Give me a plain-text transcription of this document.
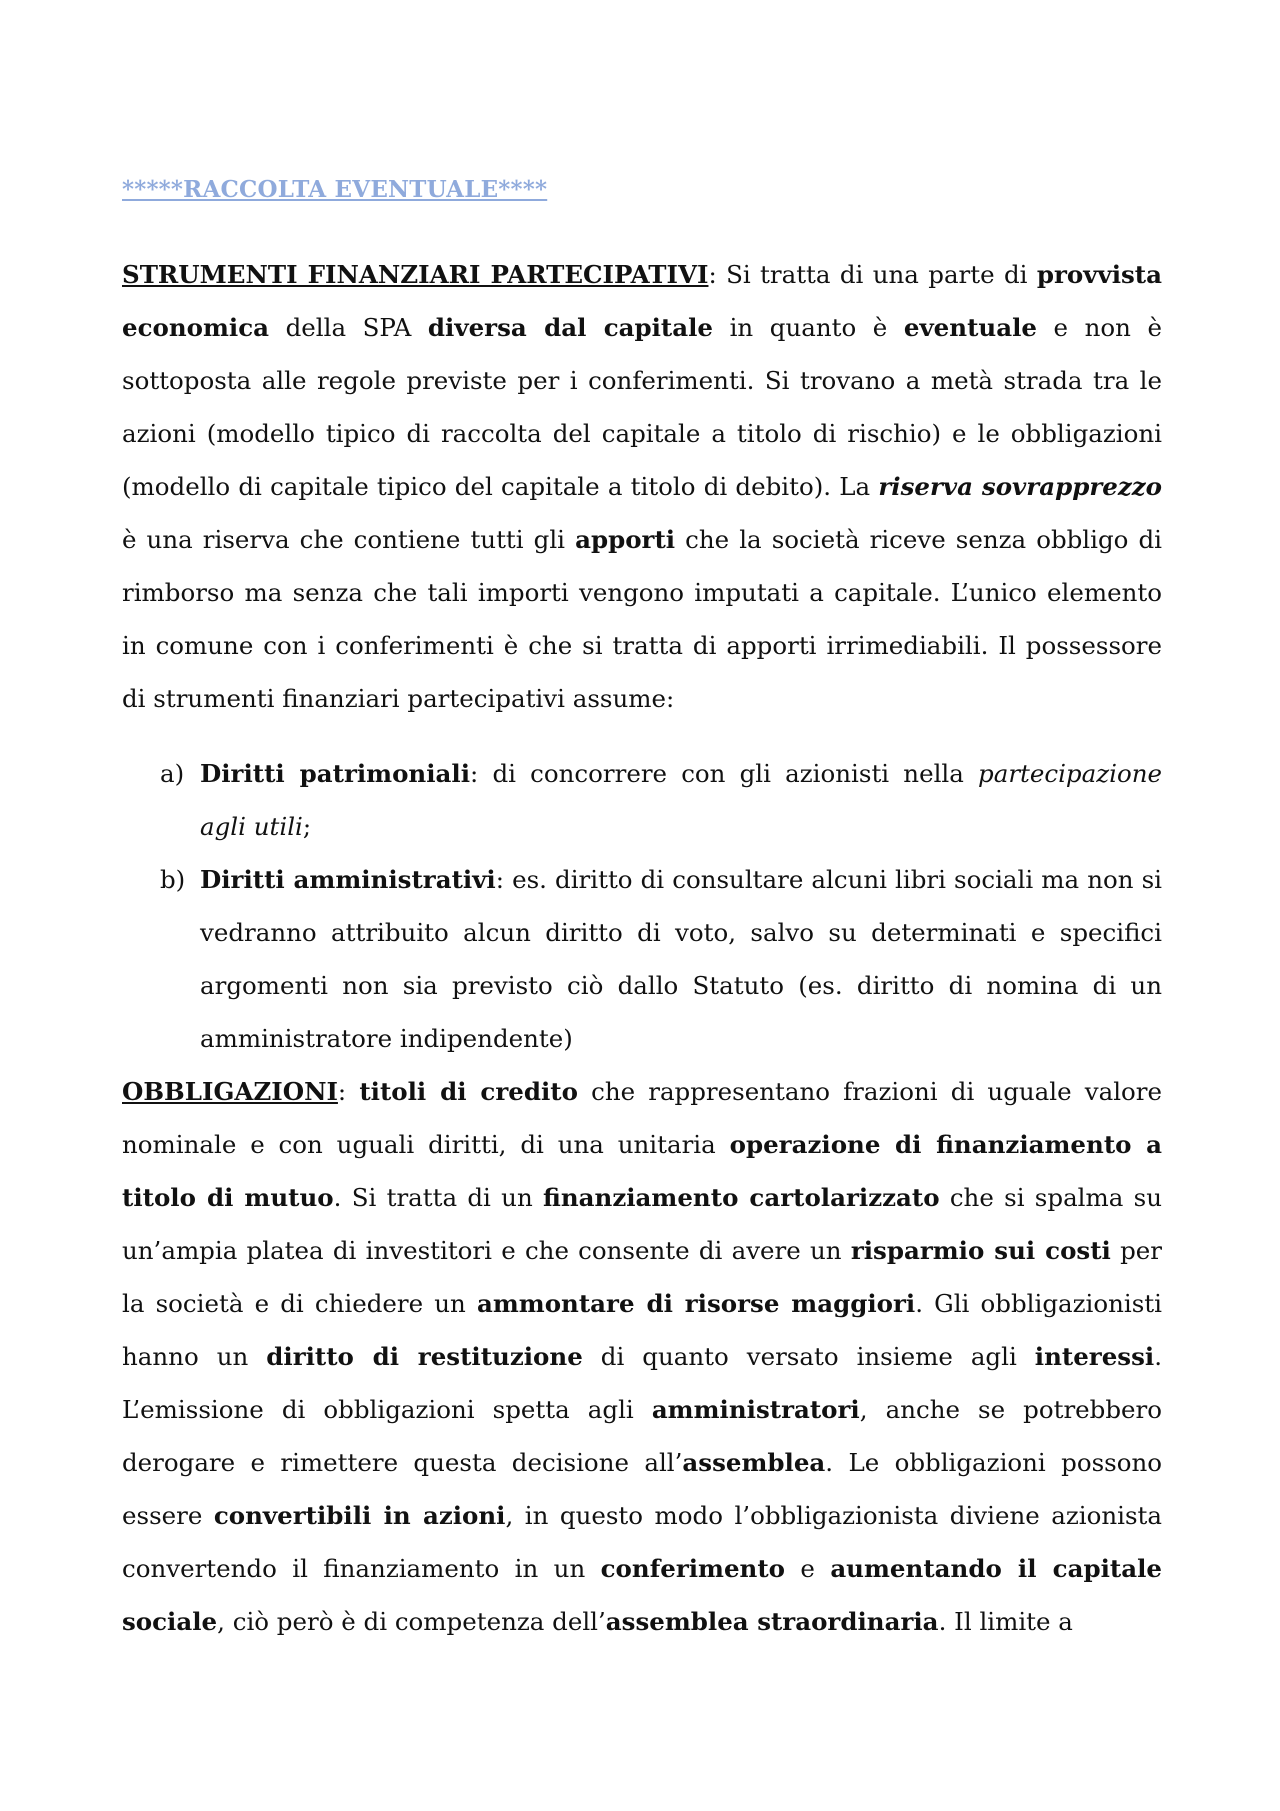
*****RACCOLTA EVENTUALE****

STRUMENTI FINANZIARI PARTECIPATIVI: Si tratta di una parte di provvista economica della SPA diversa dal capitale in quanto è eventuale e non è sottoposta alle regole previste per i conferimenti. Si trovano a metà strada tra le azioni (modello tipico di raccolta del capitale a titolo di rischio) e le obbligazioni (modello di capitale tipico del capitale a titolo di debito). La riserva sovrapprezzo è una riserva che contiene tutti gli apporti che la società riceve senza obbligo di rimborso ma senza che tali importi vengono imputati a capitale. L’unico elemento in comune con i conferimenti è che si tratta di apporti irrimediabili. Il possessore di strumenti finanziari partecipativi assume:

a) Diritti patrimoniali: di concorrere con gli azionisti nella partecipazione agli utili;
b) Diritti amministrativi: es. diritto di consultare alcuni libri sociali ma non si vedranno attribuito alcun diritto di voto, salvo su determinati e specifici argomenti non sia previsto ciò dallo Statuto (es. diritto di nomina di un amministratore indipendente)

OBBLIGAZIONI: titoli di credito che rappresentano frazioni di uguale valore nominale e con uguali diritti, di una unitaria operazione di finanziamento a titolo di mutuo. Si tratta di un finanziamento cartolarizzato che si spalma su un’ampia platea di investitori e che consente di avere un risparmio sui costi per la società e di chiedere un ammontare di risorse maggiori. Gli obbligazionisti hanno un diritto di restituzione di quanto versato insieme agli interessi. L’emissione di obbligazioni spetta agli amministratori, anche se potrebbero derogare e rimettere questa decisione all’assemblea. Le obbligazioni possono essere convertibili in azioni, in questo modo l’obbligazionista diviene azionista convertendo il finanziamento in un conferimento e aumentando il capitale sociale, ciò però è di competenza dell’assemblea straordinaria. Il limite a
